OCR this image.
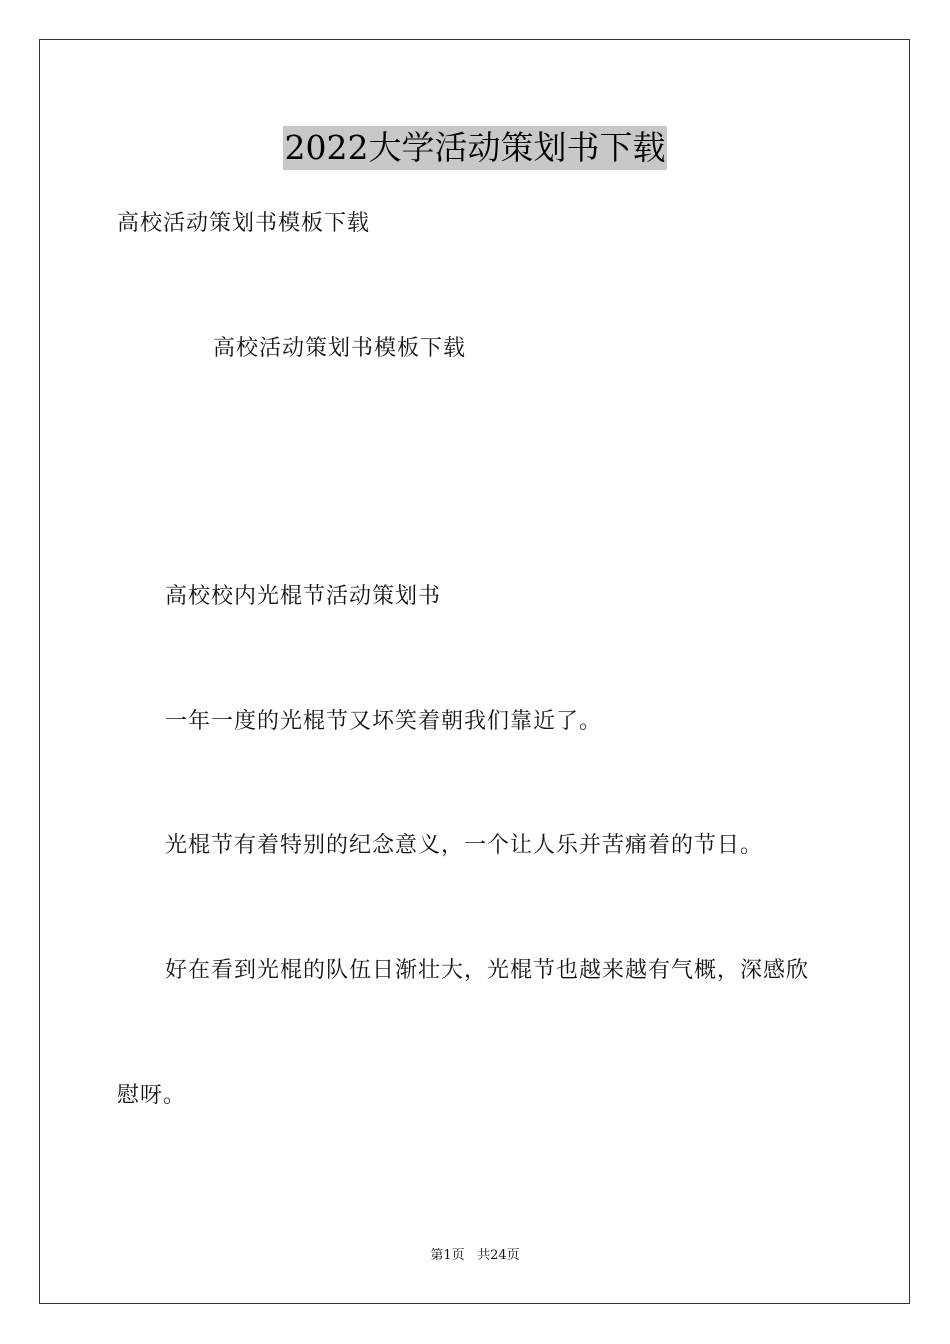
2022大学活动策划书下载
高校活动策划书模板下载
高校活动策划书模板下载
高校校内光棍节活动策划书
一年一度的光棍节又坏笑着朝我们靠近了。
光棍节有着特别的纪念意义，一个让人乐并苦痛着的节日。
好在看到光棍的队伍日渐壮大，光棍节也越来越有气概，深感欣
慰呀。
第1页 共24页
